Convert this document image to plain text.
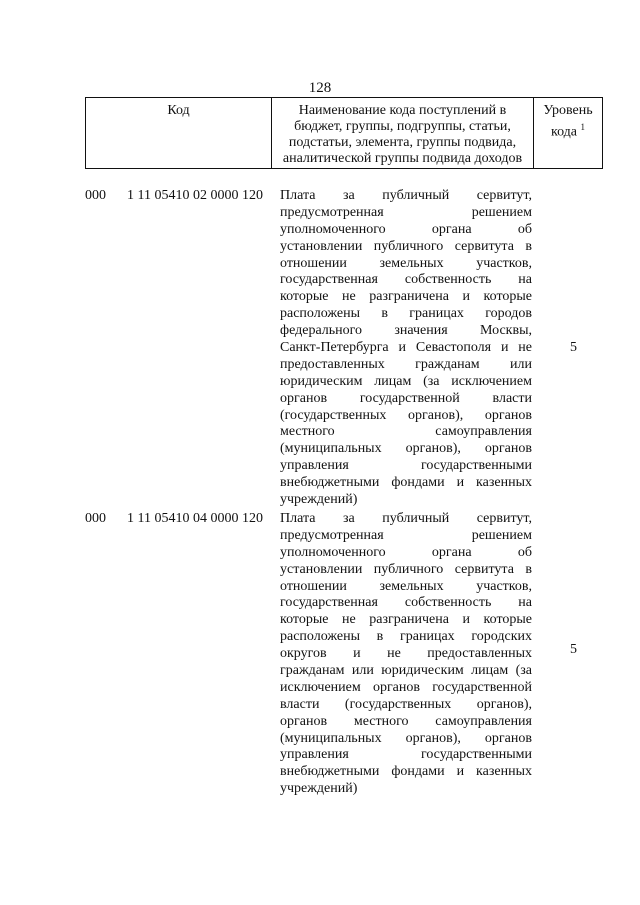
128
Код	Наименование кода поступлений в
бюджет, группы, подгруппы, статьи,
подстатьи, элемента, группы подвида,
аналитической группы подвида доходов
Уровень
кода $^1$
000	1 11 05410 02 0000 120	Плата за публичный сервитут,
предусмотренная решением
уполномоченного органа об
установлении публичного сервитута в
отношении земельных участков,
государственная собственность на
которые не разграничена и которые
расположены в границах городов
федерального значения Москвы,
Санкт-Петербурга и Севастополя и не
предоставленных гражданам или
юридическим лицам (за исключением
органов государственной власти
(государственных органов), органов
местного самоуправления
(муниципальных органов), органов
управления государственными
внебюджетными фондами и казенных
учреждений)
5
000	1 11 05410 04 0000 120	Плата за публичный сервитут,
предусмотренная решением
уполномоченного органа об
установлении публичного сервитута в
отношении земельных участков,
государственная собственность на
которые не разграничена и которые
расположены в границах городских
округов и не предоставленных
гражданам или юридическим лицам (за
исключением органов государственной
власти (государственных органов),
органов местного самоуправления
(муниципальных органов), органов
управления государственными
внебюджетными фондами и казенных
учреждений)
5
